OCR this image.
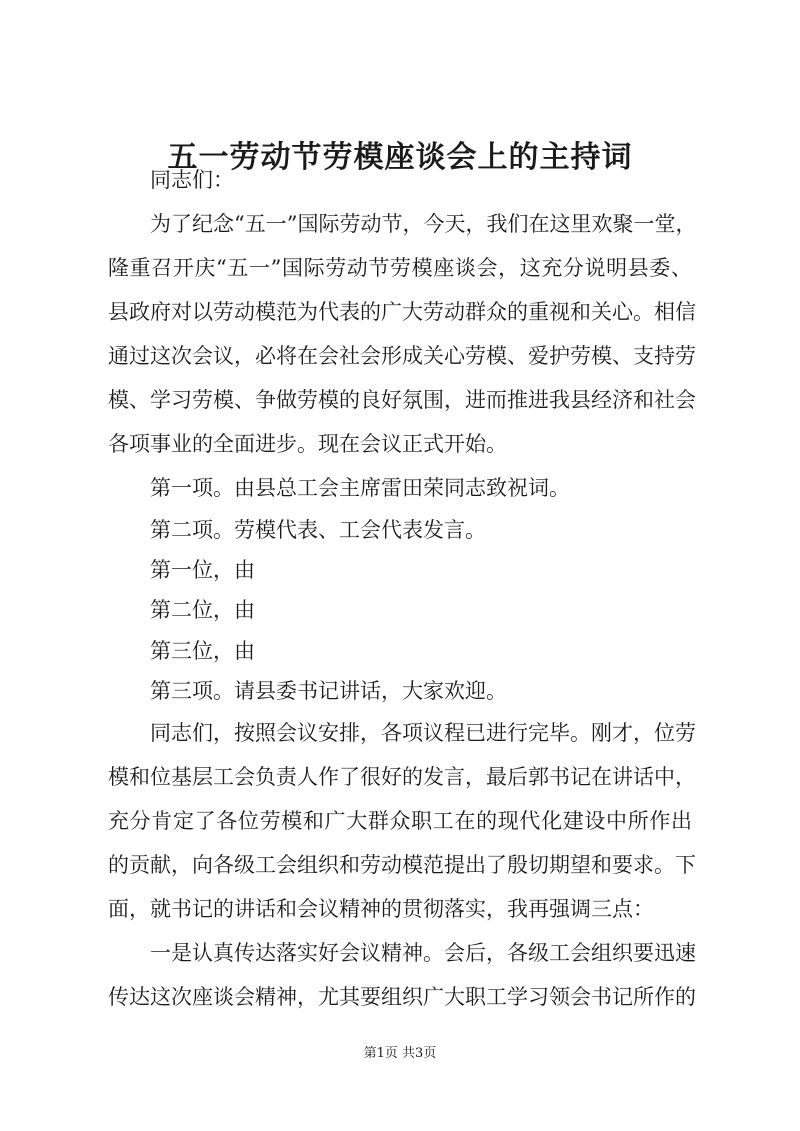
五一劳动节劳模座谈会上的主持词
同志们：
为了纪念“五一”国际劳动节，今天，我们在这里欢聚一堂，
隆重召开庆“五一”国际劳动节劳模座谈会，这充分说明县委、
县政府对以劳动模范为代表的广大劳动群众的重视和关心。相信
通过这次会议，必将在会社会形成关心劳模、爱护劳模、支持劳
模、学习劳模、争做劳模的良好氛围，进而推进我县经济和社会
各项事业的全面进步。现在会议正式开始。
第一项。由县总工会主席雷田荣同志致祝词。
第二项。劳模代表、工会代表发言。
第一位，由
第二位，由
第三位，由
第三项。请县委书记讲话，大家欢迎。
同志们，按照会议安排，各项议程已进行完毕。刚才，位劳
模和位基层工会负责人作了很好的发言，最后郭书记在讲话中，
充分肯定了各位劳模和广大群众职工在的现代化建设中所作出
的贡献，向各级工会组织和劳动模范提出了殷切期望和要求。下
面，就书记的讲话和会议精神的贯彻落实，我再强调三点：
一是认真传达落实好会议精神。会后，各级工会组织要迅速
传达这次座谈会精神，尤其要组织广大职工学习领会书记所作的
第1页 共3页
